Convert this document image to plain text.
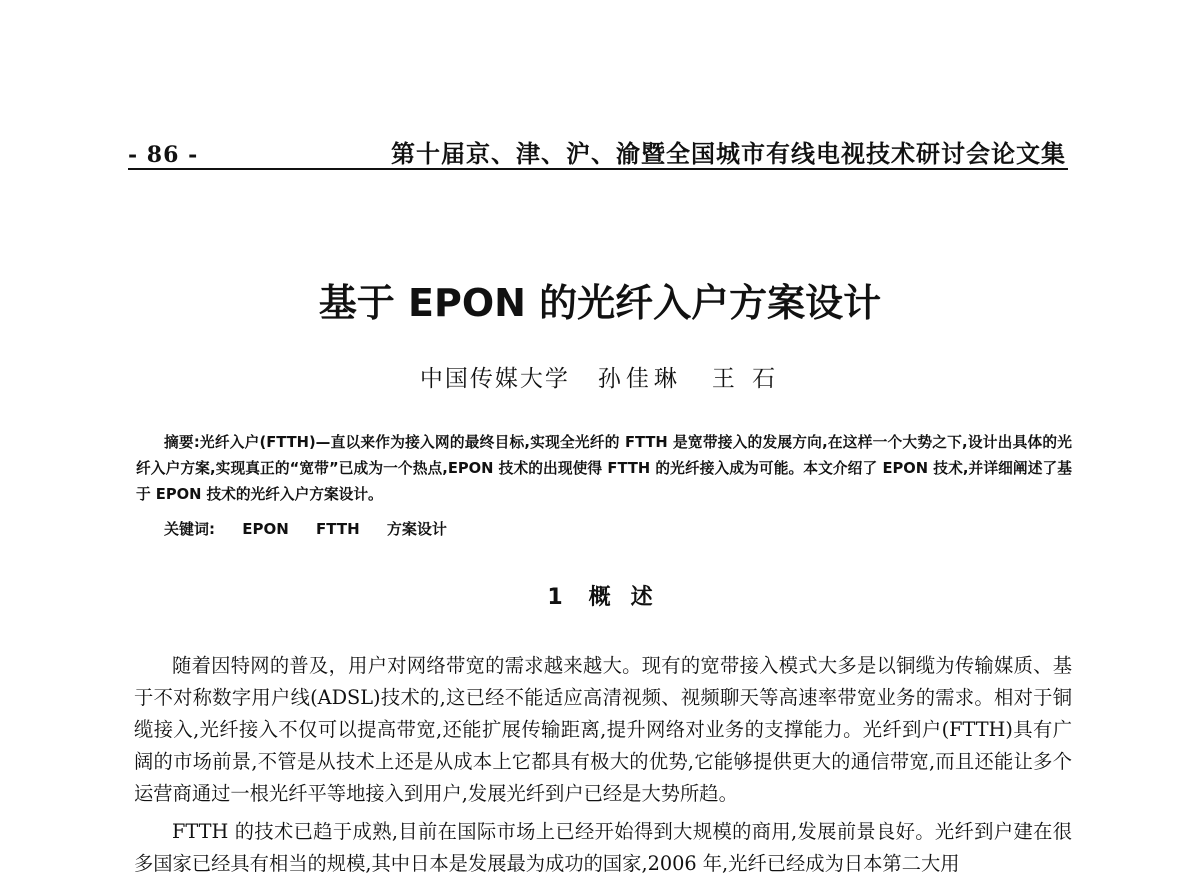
- 86 -	第十届京、津、沪、渝暨全国城市有线电视技术研讨会论文集
基于 EPON 的光纤入户方案设计
中国传媒大学 孙佳琳 王 石
摘要:光纤入户(FTTH)—直以来作为接入网的最终目标,实现全光纤的 FTTH 是宽带接入的发展方向,在这样一个大势之下,设计出具体的光纤入户方案,实现真正的“宽带”已成为一个热点,EPON 技术的出现使得 FTTH 的光纤接入成为可能。本文介绍了 EPON 技术,并详细阐述了基于 EPON 技术的光纤入户方案设计。
关键词: EPON FTTH 方案设计
1 概述
随着因特网的普及，用户对网络带宽的需求越来越大。现有的宽带接入模式大多是以铜缆为传输媒质、基于不对称数字用户线(ADSL)技术的,这已经不能适应高清视频、视频聊天等高速率带宽业务的需求。相对于铜缆接入,光纤接入不仅可以提高带宽,还能扩展传输距离,提升网络对业务的支撑能力。光纤到户(FTTH)具有广阔的市场前景,不管是从技术上还是从成本上它都具有极大的优势,它能够提供更大的通信带宽,而且还能让多个运营商通过一根光纤平等地接入到用户,发展光纤到户已经是大势所趋。
FTTH 的技术已趋于成熟,目前在国际市场上已经开始得到大规模的商用,发展前景良好。光纤到户建在很多国家已经具有相当的规模,其中日本是发展最为成功的国家,2006 年,光纤已经成为日本第二大用
